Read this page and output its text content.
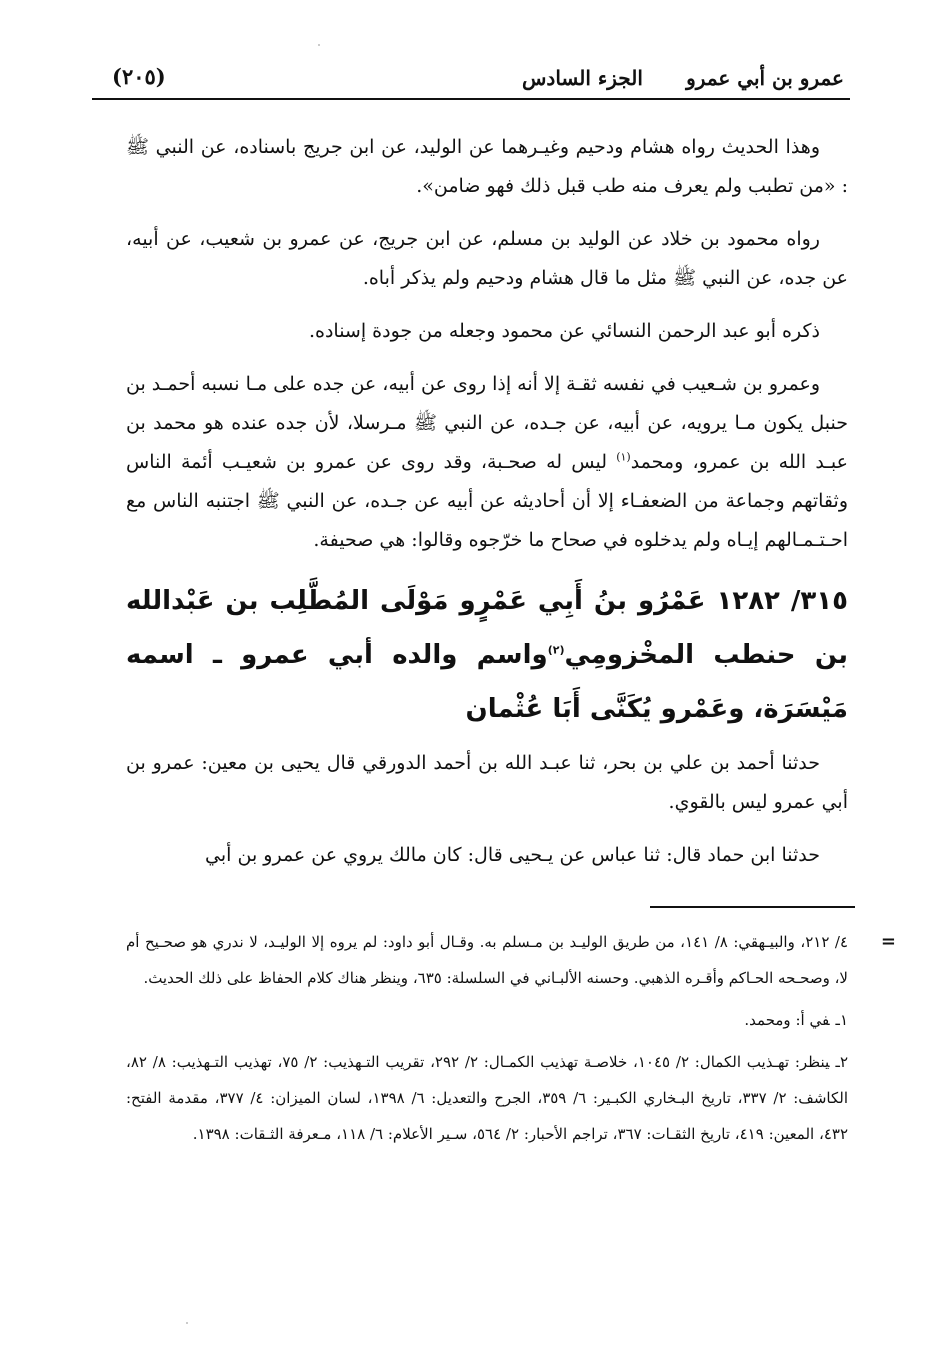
عمرو بن أبي عمرو
الجزء السادس
(٢٠٥)

وهذا الحديث رواه هشام ودحيم وغيـرهما عن الوليد، عن ابن جريج باسناده، عن النبي ﷺ : «من تطبب ولم يعرف منه طب قبل ذلك فهو ضامن».

رواه محمود بن خلاد عن الوليد بن مسلم، عن ابن جريج، عن عمرو بن شعيب، عن أبيه، عن جده، عن النبي ﷺ مثل ما قال هشام ودحيم ولم يذكر أباه.

ذكره أبو عبد الرحمن النسائي عن محمود وجعله من جودة إسناده.

وعمرو بن شـعيب في نفسه ثقـة إلا أنه إذا روى عن أبيه، عن جده على مـا نسبه أحمـد بن حنبل يكون مـا يرويه، عن أبيه، عن جـده، عن النبي ﷺ مـرسلا، لأن جده عنده هو محمد بن عبـد الله بن عمرو، ومحمد$^{(١)}$ ليس له صحـبة، وقد روى عن عمرو بن شعيـب أئمة الناس وثقاتهم وجماعة من الضعفـاء إلا أن أحاديثه عن أبيه عن جـده، عن النبي ﷺ اجتنبه الناس مع احـتـمـالهم إيـاه ولم يدخلوه في صحاح ما خرّجوه وقالوا: هي صحيفة.

٣١٥/ ١٢٨٢ عَمْرُو بنُ أَبِي عَمْرٍو مَوْلَى المُطَّلِب بن عَبْدالله بن حنطب المخْزومِي$^{(٢)}$واسم والده أبي عمرو ـ اسمه مَيْسَرَة، وعَمْرو يُكَنَّى أَبَا عُثْمان

حدثنا أحمد بن علي بن بحر، ثنا عبـد الله بن أحمد الدورقي قال يحيى بن معين: عمرو بن أبي عمرو ليس بالقوي.

حدثنا ابن حماد قال: ثنا عباس عن يـحيى قال: كان مالك يروي عن عمرو بن أبي

=
٤/ ٢١٢، والبيـهقي: ٨/ ١٤١، من طريق الوليـد بن مـسلم به. وقـال أبو داود: لم يروه إلا الوليـد، لا ندري هو صحـيح أم لا، وصحـحه الحـاكم وأقـره الذهبي. وحسنه الألبـاني في السلسلة: ٦٣٥، وينظر هناك كلام الحفاظ على ذلك الحديث.
١ـفي أ: ومحمد.
٢ـينظر: تهـذيب الكمال: ٢/ ١٠٤٥، خلاصـة تهذيب الكمـال: ٢/ ٢٩٢، تقريب التـهذيب: ٢/ ٧٥، تهذيب التـهذيب: ٨/ ٨٢، الكاشف: ٢/ ٣٣٧، تاريخ البـخاري الكبـير: ٦/ ٣٥٩، الجرح والتعديل: ٦/ ١٣٩٨، لسان الميزان: ٤/ ٣٧٧، مقدمة الفتح: ٤٣٢، المعين: ٤١٩، تاريخ الثقـات: ٣٦٧، تراجم الأحبار: ٢/ ٥٦٤، سـير الأعلام: ٦/ ١١٨، مـعرفة الثـقات: ١٣٩٨.
